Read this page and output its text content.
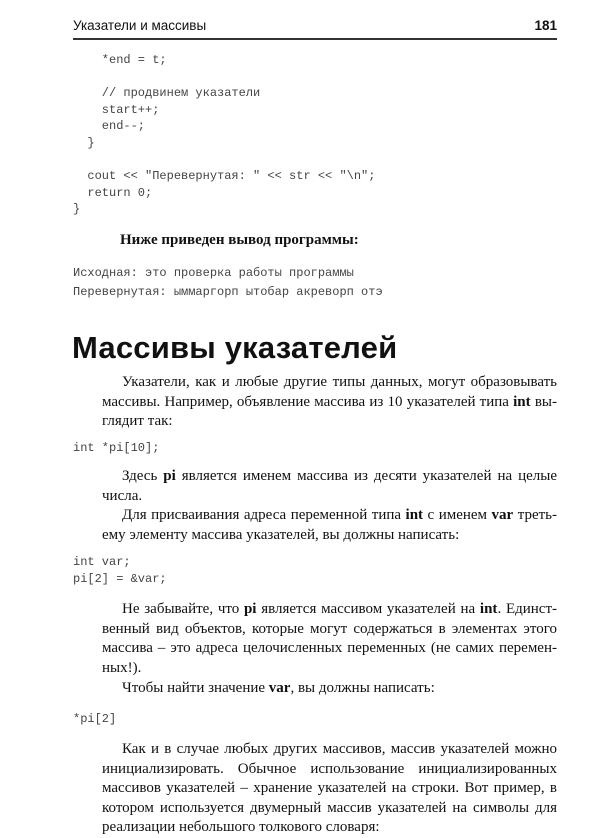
Указатели и массивы	181
*end = t;

// продвинем указатели
start++;
end--;
}

cout << "Перевернутая: " << str << "\n";
return 0;
}
Ниже приведен вывод программы:
Исходная: это проверка работы программы
Перевернутая: ыммаргорп ытобар акреворп отэ
Массивы указателей
Указатели, как и любые другие типы данных, могут образовывать
массивы. Например, объявление массива из 10 указателей типа int вы-
глядит так:
int *pi[10];
Здесь pi является именем массива из десяти указателей на целые
числа.
Для присваивания адреса переменной типа int с именем var треть-
ему элементу массива указателей, вы должны написать:
int var;
pi[2] = &var;
Не забывайте, что pi является массивом указателей на int. Единст-
венный вид объектов, которые могут содержаться в элементах этого
массива – это адреса целочисленных переменных (не самих перемен-
ных!).
Чтобы найти значение var, вы должны написать:
*pi[2]
Как и в случае любых других массивов, массив указателей можно
инициализировать. Обычное использование инициализированных
массивов указателей – хранение указателей на строки. Вот пример, в
котором используется двумерный массив указателей на символы для
реализации небольшого толкового словаря:
